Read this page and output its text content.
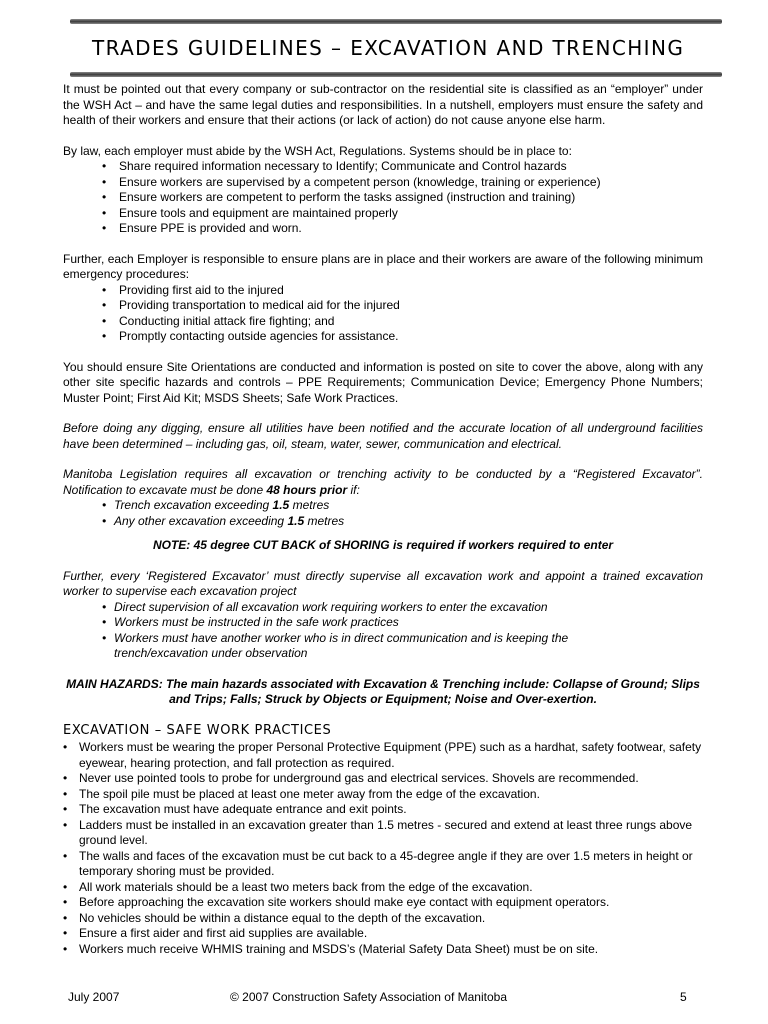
TRADES GUIDELINES – EXCAVATION AND TRENCHING

It must be pointed out that every company or sub-contractor on the residential site is classified as an “employer” under the WSH Act – and have the same legal duties and responsibilities. In a nutshell, employers must ensure the safety and health of their workers and ensure that their actions (or lack of action) do not cause anyone else harm.

By law, each employer must abide by the WSH Act, Regulations. Systems should be in place to:

• Share required information necessary to Identify; Communicate and Control hazards
• Ensure workers are supervised by a competent person (knowledge, training or experience)
• Ensure workers are competent to perform the tasks assigned (instruction and training)
• Ensure tools and equipment are maintained properly
• Ensure PPE is provided and worn.

Further, each Employer is responsible to ensure plans are in place and their workers are aware of the following minimum emergency procedures:

• Providing first aid to the injured
• Providing transportation to medical aid for the injured
• Conducting initial attack fire fighting; and
• Promptly contacting outside agencies for assistance.

You should ensure Site Orientations are conducted and information is posted on site to cover the above, along with any other site specific hazards and controls – PPE Requirements; Communication Device; Emergency Phone Numbers; Muster Point; First Aid Kit; MSDS Sheets; Safe Work Practices.

Before doing any digging, ensure all utilities have been notified and the accurate location of all underground facilities have been determined – including gas, oil, steam, water, sewer, communication and electrical.

Manitoba Legislation requires all excavation or trenching activity to be conducted by a “Registered Excavator”. Notification to excavate must be done 48 hours prior if:

• Trench excavation exceeding 1.5 metres
• Any other excavation exceeding 1.5 metres

NOTE: 45 degree CUT BACK of SHORING is required if workers required to enter

Further, every ‘Registered Excavator’ must directly supervise all excavation work and appoint a trained excavation worker to supervise each excavation project

• Direct supervision of all excavation work requiring workers to enter the excavation
• Workers must be instructed in the safe work practices
• Workers must have another worker who is in direct communication and is keeping the trench/excavation under observation

MAIN HAZARDS: The main hazards associated with Excavation & Trenching include: Collapse of Ground; Slips and Trips; Falls; Struck by Objects or Equipment; Noise and Over-exertion.

EXCAVATION – SAFE WORK PRACTICES
• Workers must be wearing the proper Personal Protective Equipment (PPE) such as a hardhat, safety footwear, safety eyewear, hearing protection, and fall protection as required.
• Never use pointed tools to probe for underground gas and electrical services. Shovels are recommended.
• The spoil pile must be placed at least one meter away from the edge of the excavation.
• The excavation must have adequate entrance and exit points.
• Ladders must be installed in an excavation greater than 1.5 metres - secured and extend at least three rungs above ground level.
• The walls and faces of the excavation must be cut back to a 45-degree angle if they are over 1.5 meters in height or temporary shoring must be provided.
• All work materials should be a least two meters back from the edge of the excavation.
• Before approaching the excavation site workers should make eye contact with equipment operators.
• No vehicles should be within a distance equal to the depth of the excavation.
• Ensure a first aider and first aid supplies are available.
• Workers much receive WHMIS training and MSDS’s (Material Safety Data Sheet) must be on site.
July 2007	© 2007 Construction Safety Association of Manitoba	5
